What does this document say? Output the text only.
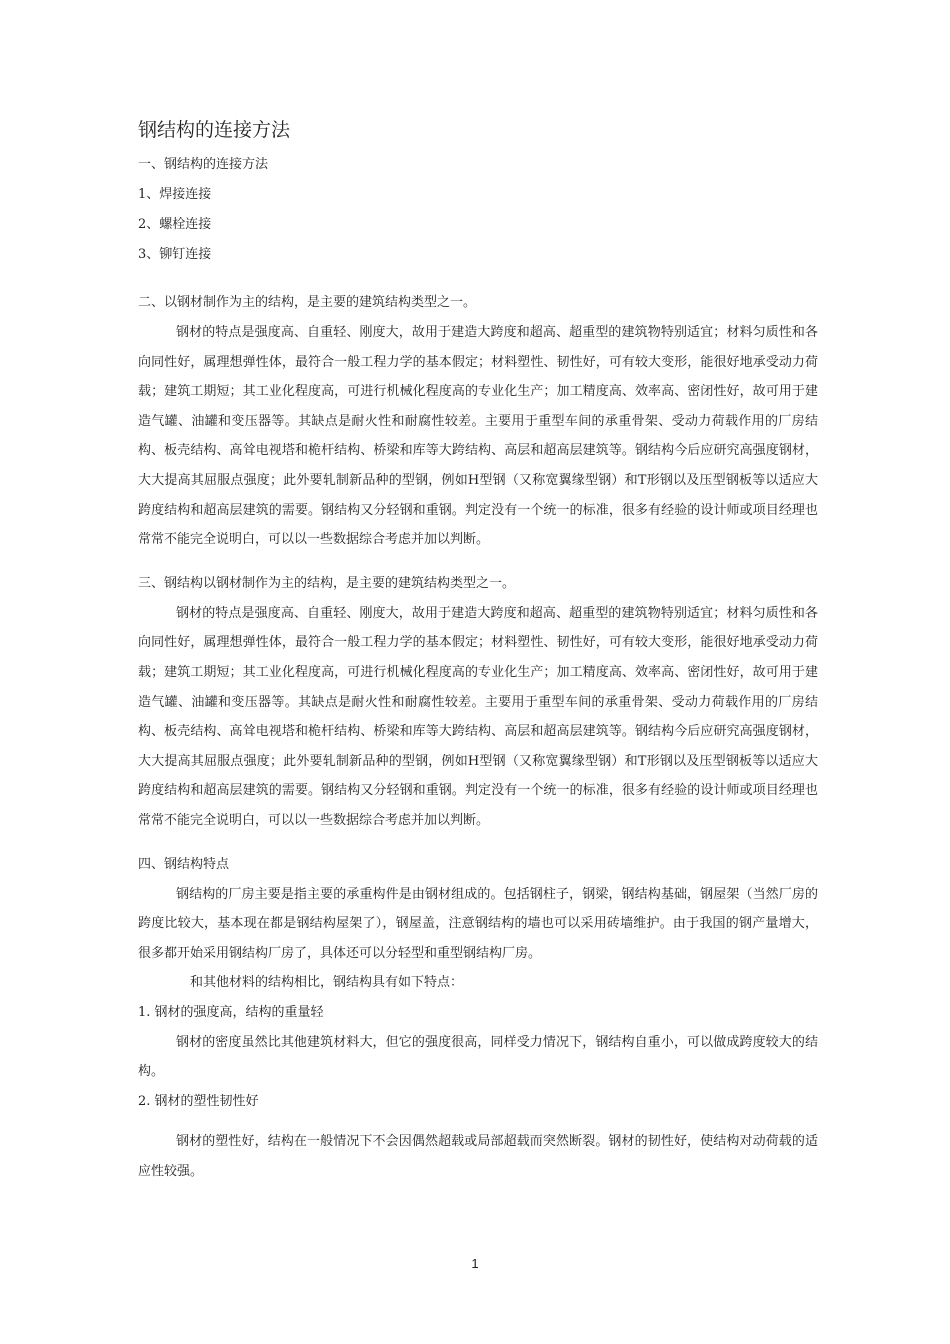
钢结构的连接方法

一、钢结构的连接方法

1、焊接连接

2、螺栓连接

3、铆钉连接

二、以钢材制作为主的结构，是主要的建筑结构类型之一。

钢材的特点是强度高、自重轻、刚度大，故用于建造大跨度和超高、超重型的建筑物特别适宜；材料匀质性和各向同性好，属理想弹性体，最符合一般工程力学的基本假定；材料塑性、韧性好，可有较大变形，能很好地承受动力荷载；建筑工期短；其工业化程度高，可进行机械化程度高的专业化生产；加工精度高、效率高、密闭性好，故可用于建造气罐、油罐和变压器等。其缺点是耐火性和耐腐性较差。主要用于重型车间的承重骨架、受动力荷载作用的厂房结构、板壳结构、高耸电视塔和桅杆结构、桥梁和库等大跨结构、高层和超高层建筑等。钢结构今后应研究高强度钢材，大大提高其屈服点强度；此外要轧制新品种的型钢，例如H型钢（又称宽翼缘型钢）和T形钢以及压型钢板等以适应大跨度结构和超高层建筑的需要。钢结构又分轻钢和重钢。判定没有一个统一的标准，很多有经验的设计师或项目经理也常常不能完全说明白，可以以一些数据综合考虑并加以判断。

三、钢结构以钢材制作为主的结构，是主要的建筑结构类型之一。

钢材的特点是强度高、自重轻、刚度大，故用于建造大跨度和超高、超重型的建筑物特别适宜；材料匀质性和各向同性好，属理想弹性体，最符合一般工程力学的基本假定；材料塑性、韧性好，可有较大变形，能很好地承受动力荷载；建筑工期短；其工业化程度高，可进行机械化程度高的专业化生产；加工精度高、效率高、密闭性好，故可用于建造气罐、油罐和变压器等。其缺点是耐火性和耐腐性较差。主要用于重型车间的承重骨架、受动力荷载作用的厂房结构、板壳结构、高耸电视塔和桅杆结构、桥梁和库等大跨结构、高层和超高层建筑等。钢结构今后应研究高强度钢材，大大提高其屈服点强度；此外要轧制新品种的型钢，例如H型钢（又称宽翼缘型钢）和T形钢以及压型钢板等以适应大跨度结构和超高层建筑的需要。钢结构又分轻钢和重钢。判定没有一个统一的标准，很多有经验的设计师或项目经理也常常不能完全说明白，可以以一些数据综合考虑并加以判断。

四、钢结构特点

钢结构的厂房主要是指主要的承重构件是由钢材组成的。包括钢柱子，钢梁，钢结构基础，钢屋架（当然厂房的跨度比较大，基本现在都是钢结构屋架了），钢屋盖，注意钢结构的墙也可以采用砖墙维护。由于我国的钢产量增大，很多都开始采用钢结构厂房了，具体还可以分轻型和重型钢结构厂房。

和其他材料的结构相比，钢结构具有如下特点：

1. 钢材的强度高，结构的重量轻

钢材的密度虽然比其他建筑材料大，但它的强度很高，同样受力情况下，钢结构自重小，可以做成跨度较大的结构。

2. 钢材的塑性韧性好

钢材的塑性好，结构在一般情况下不会因偶然超载或局部超载而突然断裂。钢材的韧性好，使结构对动荷载的适应性较强。

1
